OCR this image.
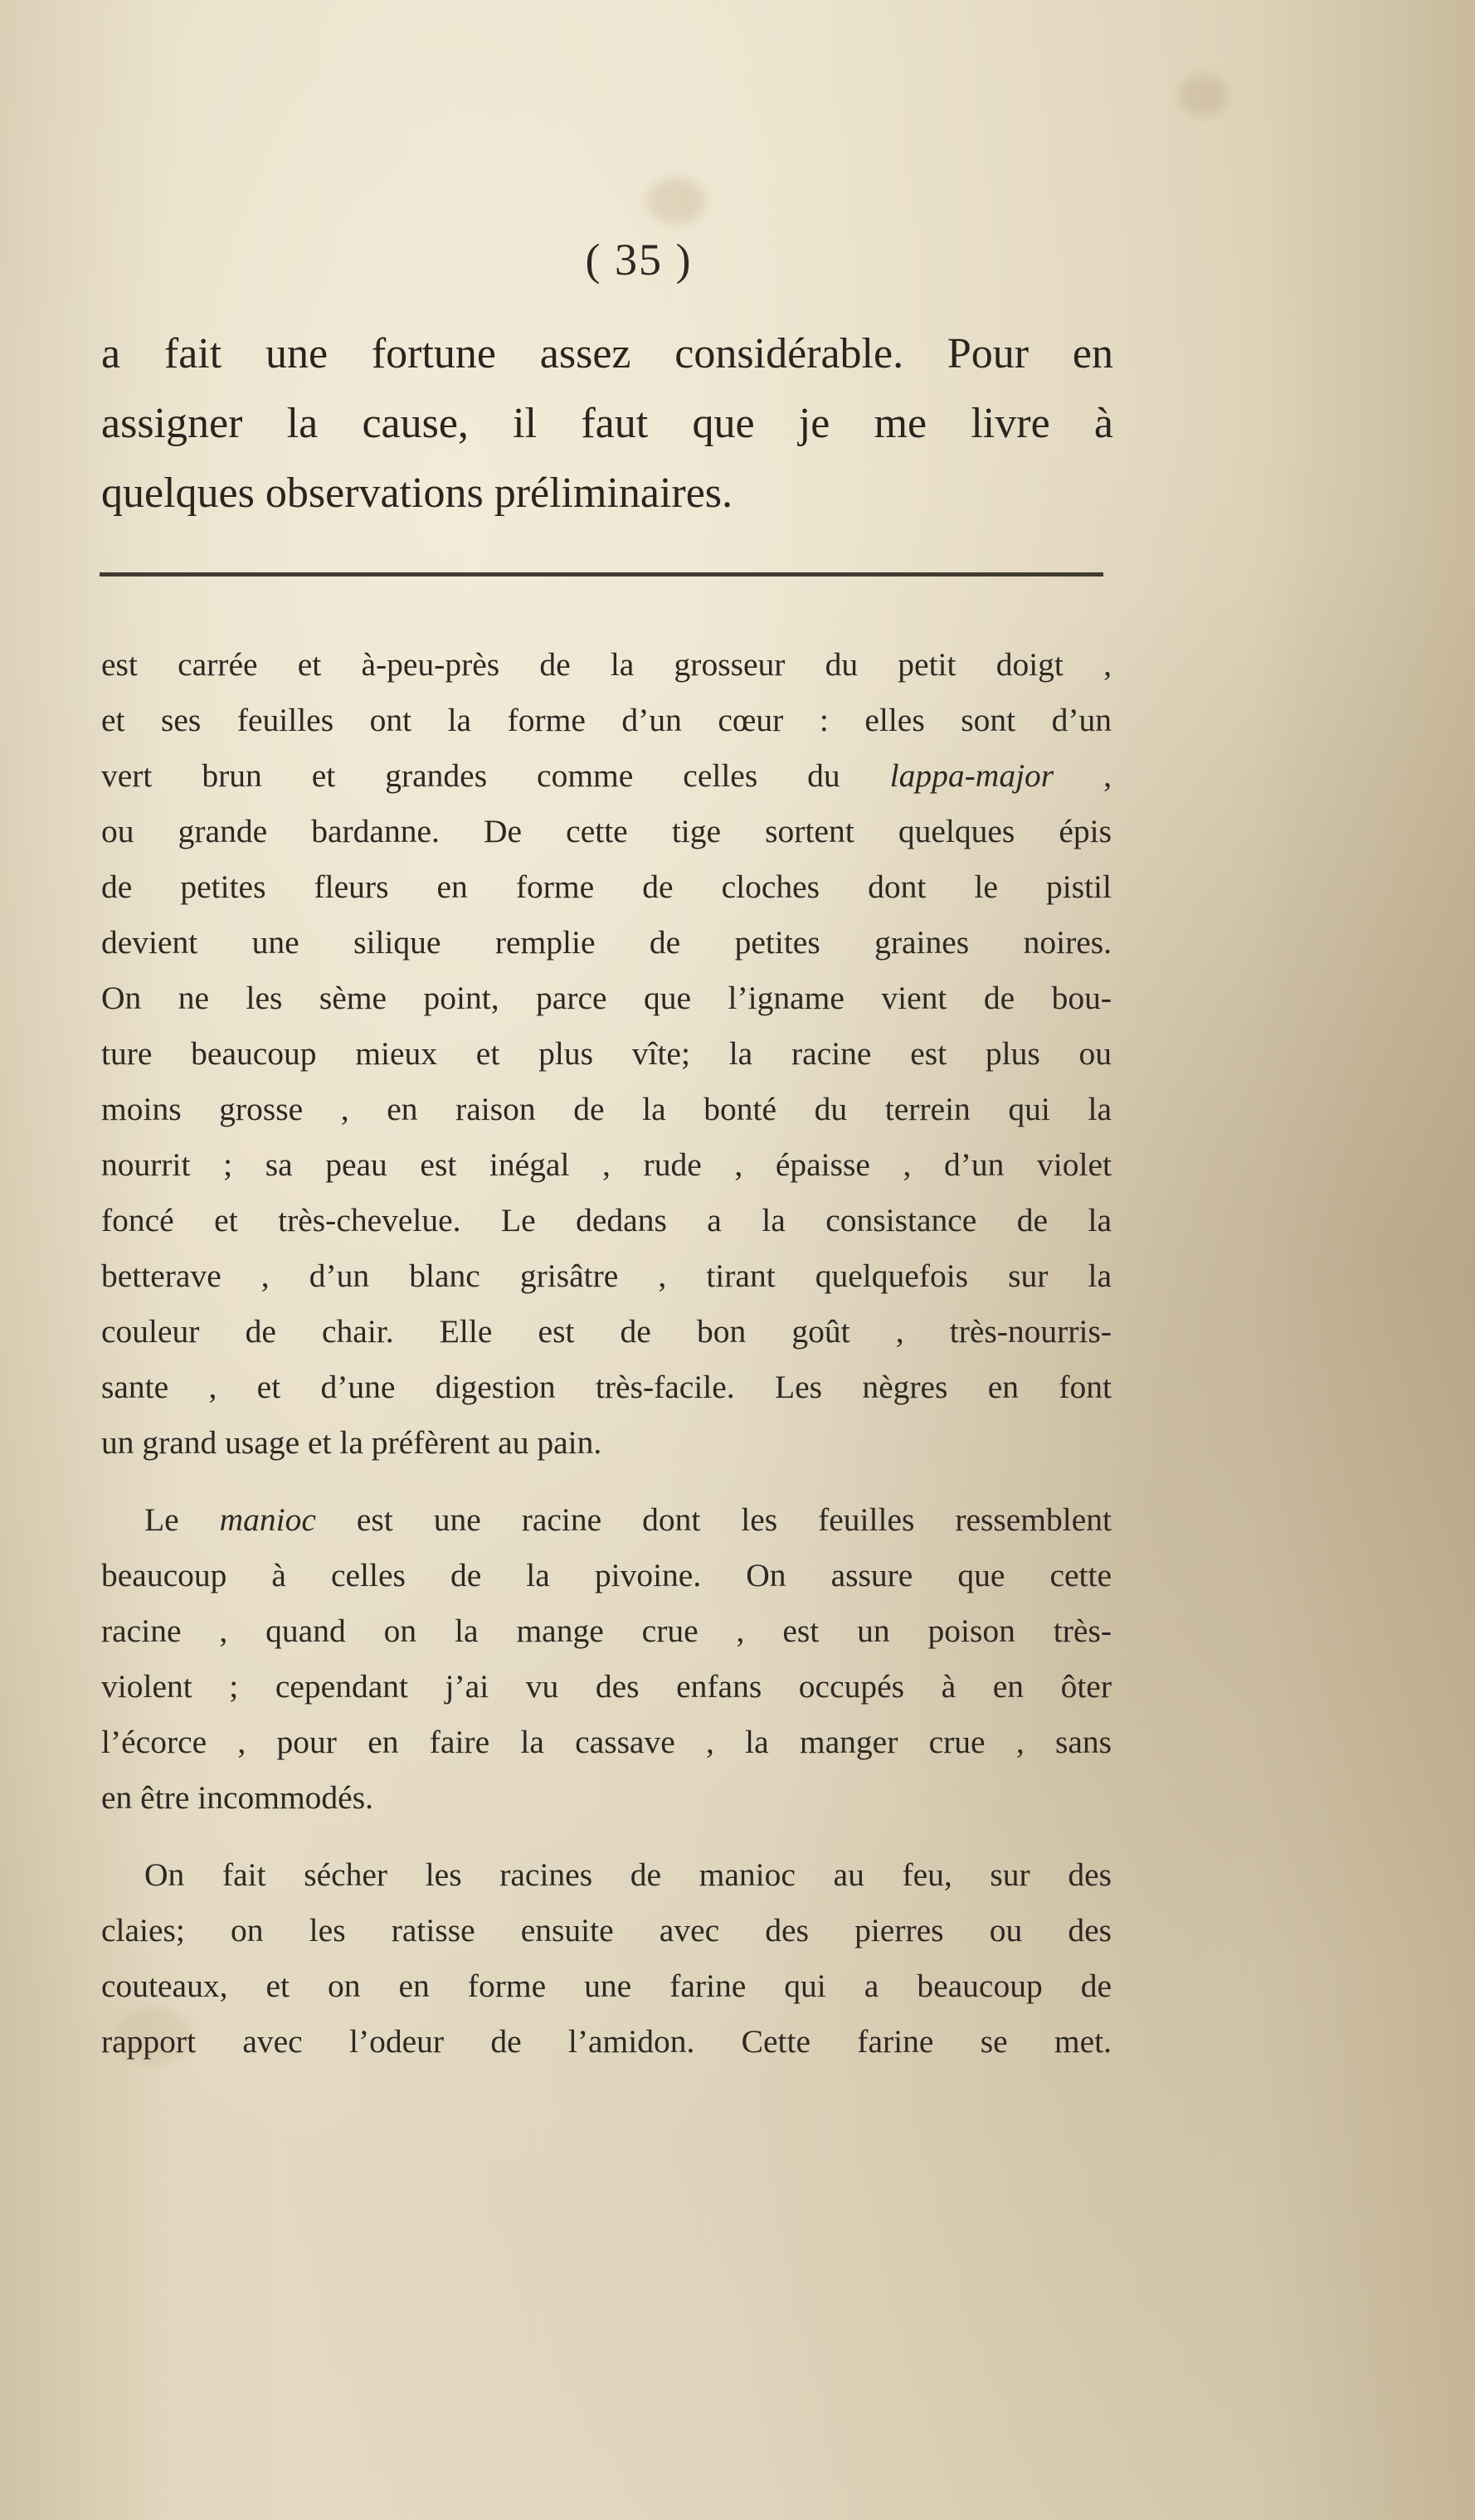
( 35 )

a fait une fortune assez considérable. Pour en

assigner la cause, il faut que je me livre à

quelques observations préliminaires.

est carrée et à-peu-près de la grosseur du petit doigt ,

et ses feuilles ont la forme d’un cœur : elles sont d’un

vert brun et grandes comme celles du lappa-major ,

ou grande bardanne. De cette tige sortent quelques épis

de petites fleurs en forme de cloches dont le pistil

devient une silique remplie de petites graines noires.

On ne les sème point, parce que l’igname vient de bou-

ture beaucoup mieux et plus vîte; la racine est plus ou

moins grosse , en raison de la bonté du terrein qui la

nourrit ; sa peau est inégal , rude , épaisse , d’un violet

foncé et très-chevelue. Le dedans a la consistance de la

betterave , d’un blanc grisâtre , tirant quelquefois sur la

couleur de chair. Elle est de bon goût , très-nourris-

sante , et d’une digestion très-facile. Les nègres en font

un grand usage et la préfèrent au pain.

Le manioc est une racine dont les feuilles ressemblent

beaucoup à celles de la pivoine. On assure que cette

racine , quand on la mange crue , est un poison très-

violent ; cependant j’ai vu des enfans occupés à en ôter

l’écorce , pour en faire la cassave , la manger crue , sans

en être incommodés.

On fait sécher les racines de manioc au feu, sur des

claies; on les ratisse ensuite avec des pierres ou des

couteaux, et on en forme une farine qui a beaucoup de

rapport avec l’odeur de l’amidon. Cette farine se met.
